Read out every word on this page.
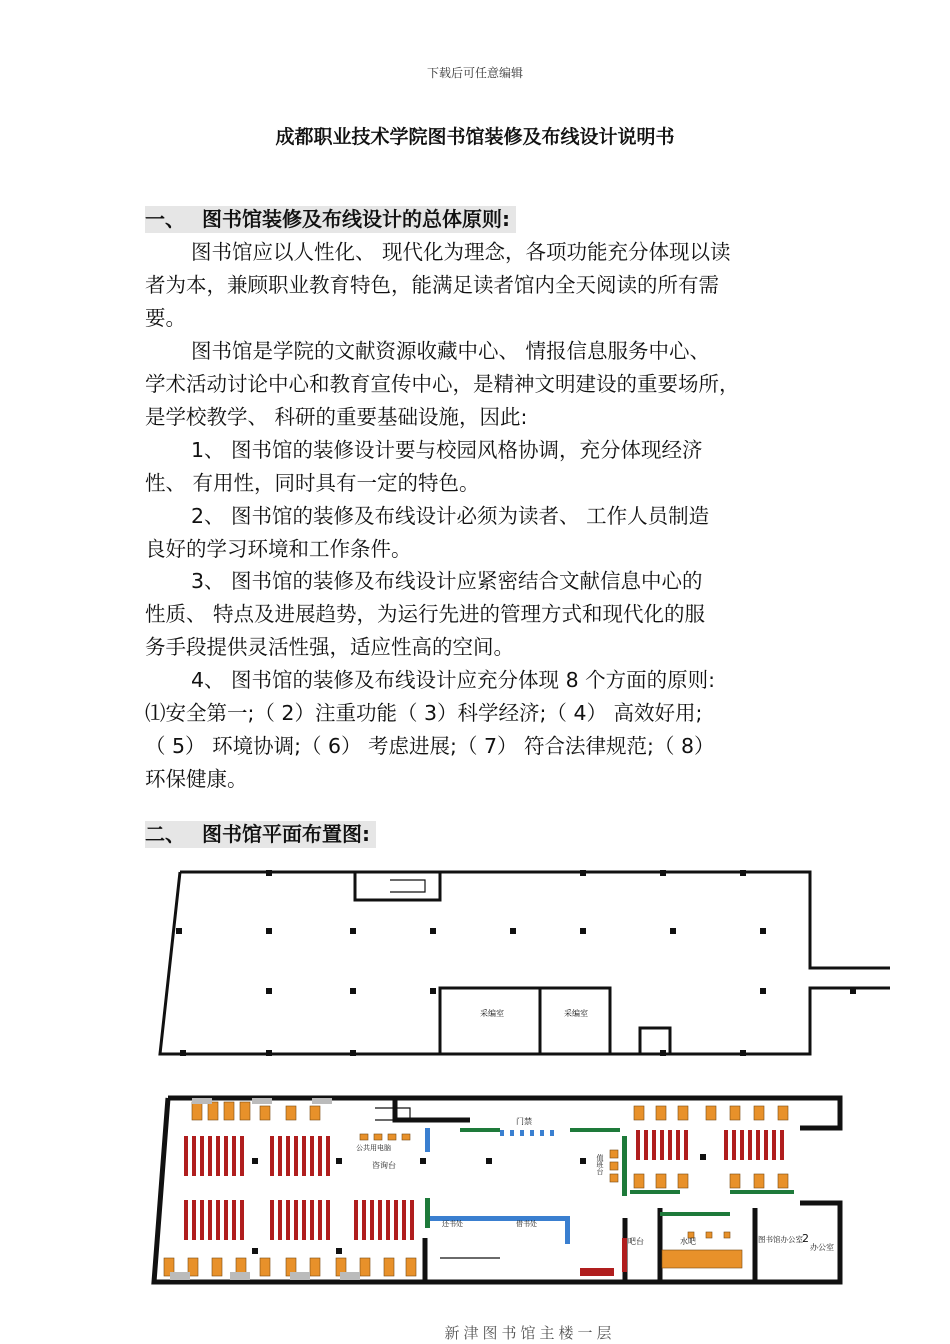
下载后可任意编辑
成都职业技术学院图书馆装修及布线设计说明书
一、 图书馆装修及布线设计的总体原则:
图书馆应以人性化、 现代化为理念，各项功能充分体现以读
者为本，兼顾职业教育特色，能满足读者馆内全天阅读的所有需
要。
图书馆是学院的文献资源收藏中心、 情报信息服务中心、
学术活动讨论中心和教育宣传中心，是精神文明建设的重要场所，
是学校教学、 科研的重要基础设施，因此:
1、 图书馆的装修设计要与校园风格协调，充分体现经济
性、 有用性，同时具有一定的特色。
2、 图书馆的装修及布线设计必须为读者、 工作人员制造
良好的学习环境和工作条件。
3、 图书馆的装修及布线设计应紧密结合文献信息中心的
性质、 特点及进展趋势，为运行先进的管理方式和现代化的服
务手段提供灵活性强，适应性高的空间。
4、 图书馆的装修及布线设计应充分体现 8 个方面的原则:
⑴安全第一;（ 2）注重功能（ 3）科学经济;（ 4） 高效好用;
（ 5） 环境协调;（ 6） 考虑进展;（ 7） 符合法律规范;（ 8）
环保健康。
二、 图书馆平面布置图:
采编室	采编室
门禁
公共用电脑
咨询台
还书处	借书处
值班台
吧台	水吧	图书馆办公室 2
办公室
新津图书馆主楼一层
